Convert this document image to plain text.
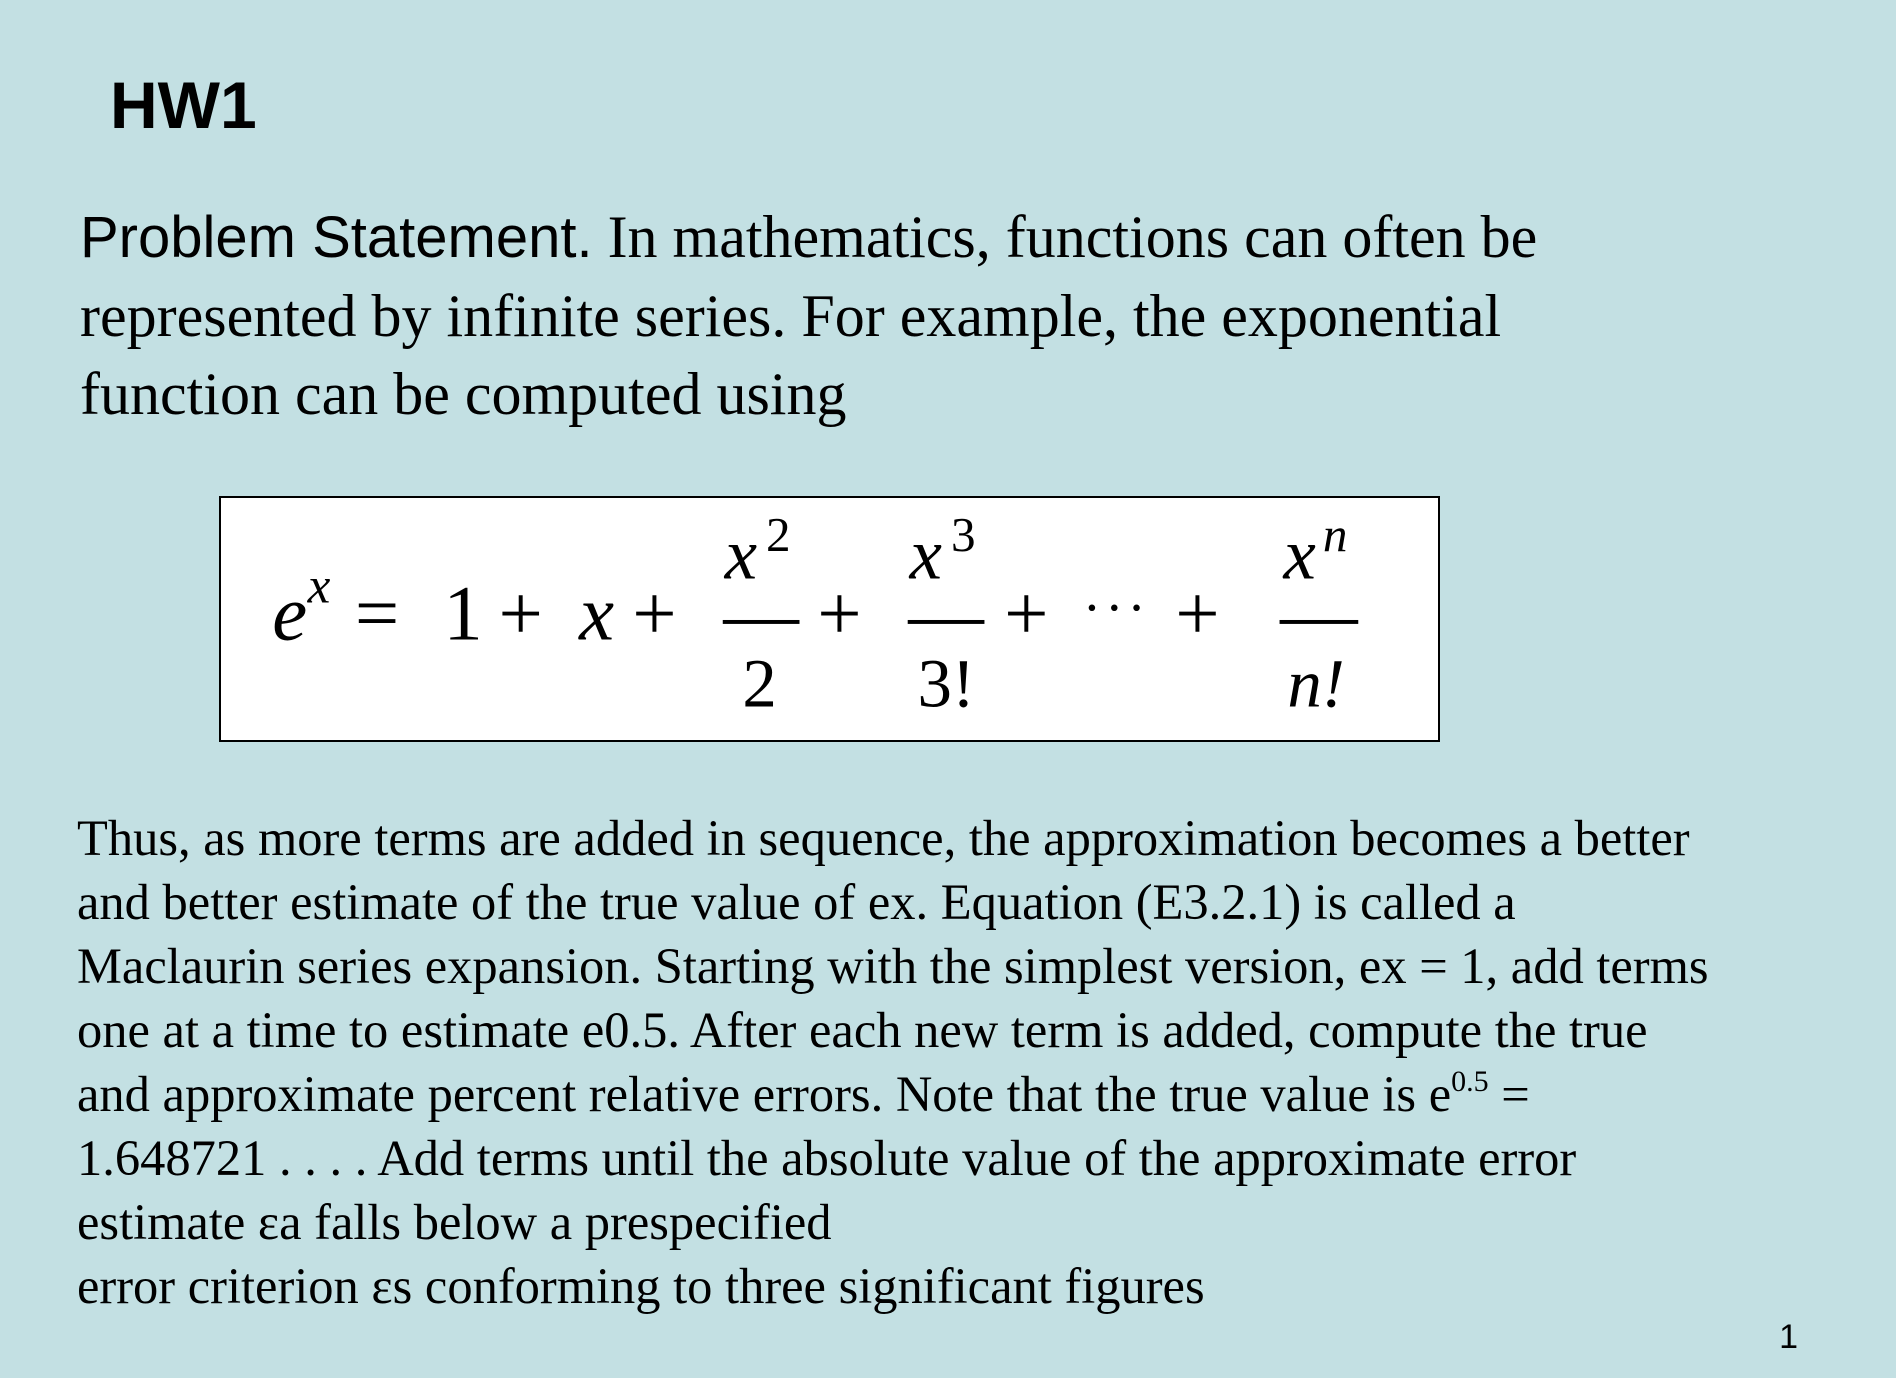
HW1

Problem Statement. In mathematics, functions can often be
represented by infinite series. For example, the exponential
function can be computed using

e x = 1 + x +
x 2
2
+
x 3
3!
+ ··· +
x n
n!

Thus, as more terms are added in sequence, the approximation becomes a better
and better estimate of the true value of ex. Equation (E3.2.1) is called a
Maclaurin series expansion. Starting with the simplest version, ex = 1, add terms
one at a time to estimate e0.5. After each new term is added, compute the true
and approximate percent relative errors. Note that the true value is $e^{0.5}$ =
1.648721 . . . . Add terms until the absolute value of the approximate error
estimate εa falls below a prespecified
error criterion εs conforming to three significant figures

1
